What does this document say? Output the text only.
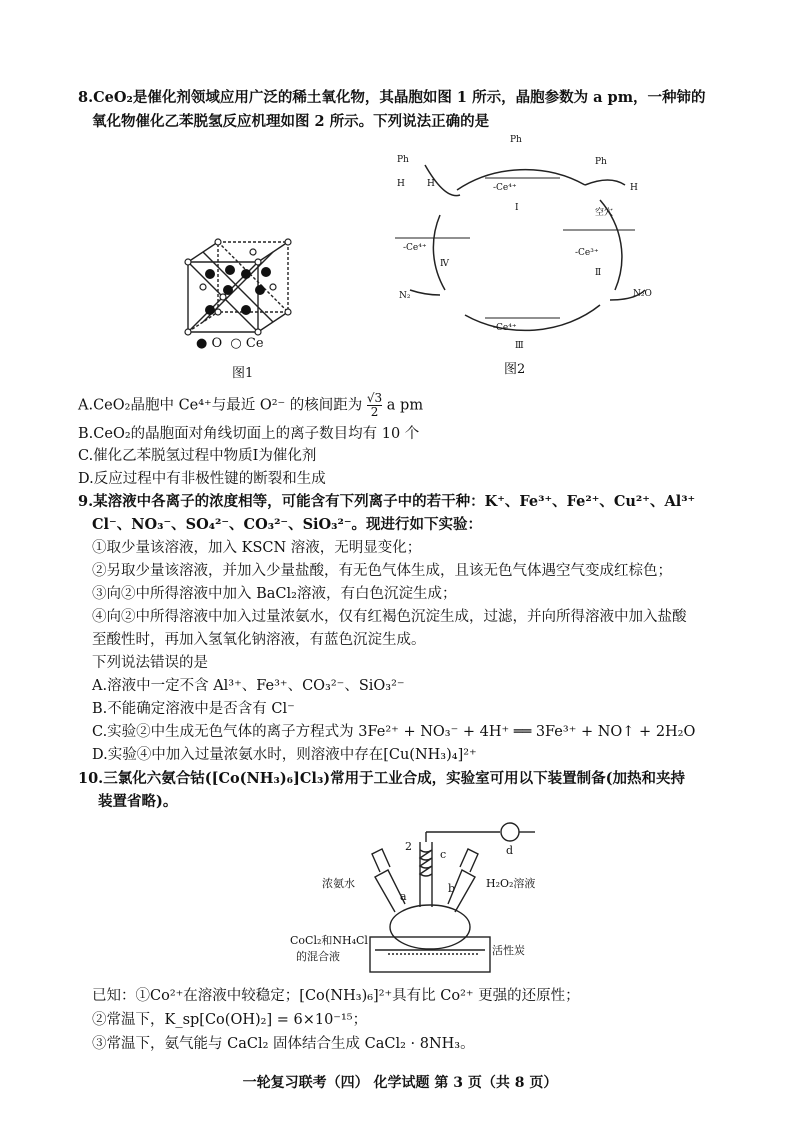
8.CeO₂是催化剂领域应用广泛的稀土氧化物，其晶胞如图 1 所示，晶胞参数为 a pm，一种铈的
氧化物催化乙苯脱氢反应机理如图 2 所示。下列说法正确的是
● O ○ Ce
图1
Ph
Ph
H H
Ph
H
空穴
N₂	N₂O
-Ce⁴⁺
Ⅰ
-Ce³⁺
Ⅱ
-Ce⁴⁺
Ⅲ
-Ce⁴⁺
Ⅳ
图2
A.CeO₂晶胞中 Ce⁴⁺与最近 O²⁻ 的核间距为 $\frac{√3}{2}$ a pm
B.CeO₂的晶胞面对角线切面上的离子数目均有 10 个
C.催化乙苯脱氢过程中物质Ⅰ为催化剂
D.反应过程中有非极性键的断裂和生成
9.某溶液中各离子的浓度相等，可能含有下列离子中的若干种：K⁺、Fe³⁺、Fe²⁺、Cu²⁺、Al³⁺
Cl⁻、NO₃⁻、SO₄²⁻、CO₃²⁻、SiO₃²⁻。现进行如下实验：
①取少量该溶液，加入 KSCN 溶液，无明显变化；
②另取少量该溶液，并加入少量盐酸，有无色气体生成，且该无色气体遇空气变成红棕色；
③向②中所得溶液中加入 BaCl₂溶液，有白色沉淀生成；
④向②中所得溶液中加入过量浓氨水，仅有红褐色沉淀生成，过滤，并向所得溶液中加入盐酸
至酸性时，再加入氢氧化钠溶液，有蓝色沉淀生成。
下列说法错误的是
A.溶液中一定不含 Al³⁺、Fe³⁺、CO₃²⁻、SiO₃²⁻
B.不能确定溶液中是否含有 Cl⁻
C.实验②中生成无色气体的离子方程式为 3Fe²⁺ + NO₃⁻ + 4H⁺ ══ 3Fe³⁺ + NO↑ + 2H₂O
D.实验④中加入过量浓氨水时，则溶液中存在[Cu(NH₃)₄]²⁺
10.三氯化六氨合钴([Co(NH₃)₆]Cl₃)常用于工业合成，实验室可用以下装置制备(加热和夹持
装置省略)。
浓氨水	H₂O₂溶液
CoCl₂和NH₄Cl
的混合液	活性炭
a
b
c	d
2
已知：①Co²⁺在溶液中较稳定；[Co(NH₃)₆]²⁺具有比 Co²⁺ 更强的还原性；
②常温下，K_sp[Co(OH)₂] = 6×10⁻¹⁵；
③常温下，氨气能与 CaCl₂ 固体结合生成 CaCl₂ · 8NH₃。
一轮复习联考（四） 化学试题 第 3 页（共 8 页）
